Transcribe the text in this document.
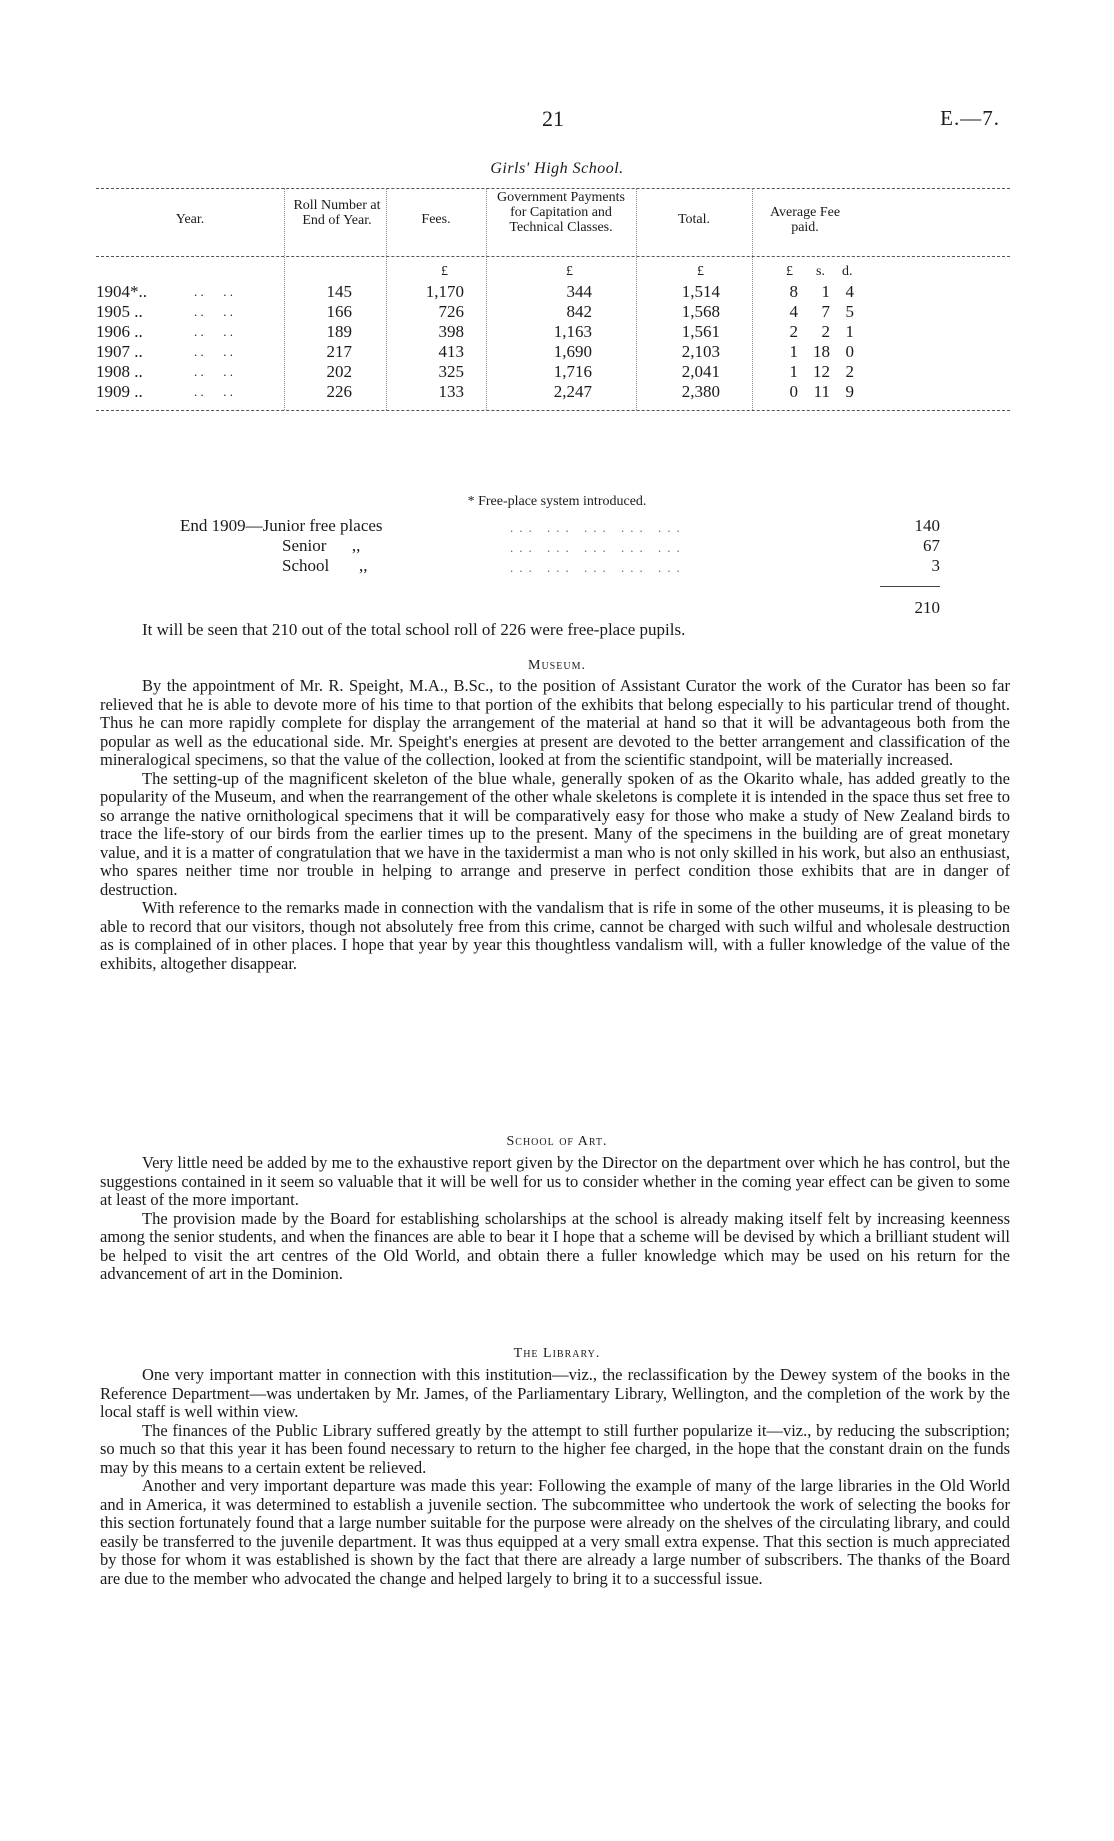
21	E.—7.
Girls' High School.
Year.
Roll Number at End of Year.	Fees.
Government Payments for Capitation and Technical Classes.
Total.	Average Fee paid.
£	£	£	£ s. d.
1904*..	. .      . .	145	1,170	344	1,514	8	1 4
1905 ..	. .      . .	166	726	842	1,568	4	7 5
1906 ..	. .      . .	189	398	1,163	1,561	2	2 1
1907 ..	. .      . .	217	413	1,690	2,103	1 18 0
1908 ..	. .      . .	202	325	1,716	2,041	1 12 2
1909 ..	. .      . .	226	133	2,247	2,380	0 11 9
* Free-place system introduced.
End 1909—Junior free places	... ... ... ... ...	140
Senior      ,,	... ... ... ... ...	67
School       ,,	... ... ... ... ...	3
210
It will be seen that 210 out of the total school roll of 226 were free-place pupils.
Museum.

By the appointment of Mr. R. Speight, M.A., B.Sc., to the position of Assistant Curator the work of the Curator has been so far relieved that he is able to devote more of his time to that portion of the exhibits that belong especially to his particular trend of thought. Thus he can more rapidly complete for display the arrangement of the material at hand so that it will be advantageous both from the popular as well as the educational side. Mr. Speight's energies at present are devoted to the better arrangement and classification of the mineralogical specimens, so that the value of the collection, looked at from the scientific standpoint, will be materially increased.

The setting-up of the magnificent skeleton of the blue whale, generally spoken of as the Okarito whale, has added greatly to the popularity of the Museum, and when the rearrangement of the other whale skeletons is complete it is intended in the space thus set free to so arrange the native ornithological specimens that it will be comparatively easy for those who make a study of New Zealand birds to trace the life-story of our birds from the earlier times up to the present. Many of the specimens in the building are of great monetary value, and it is a matter of congratulation that we have in the taxidermist a man who is not only skilled in his work, but also an enthusiast, who spares neither time nor trouble in helping to arrange and preserve in perfect condition those exhibits that are in danger of destruction.

With reference to the remarks made in connection with the vandalism that is rife in some of the other museums, it is pleasing to be able to record that our visitors, though not absolutely free from this crime, cannot be charged with such wilful and wholesale destruction as is complained of in other places. I hope that year by year this thoughtless vandalism will, with a fuller knowledge of the value of the exhibits, altogether disappear.

School of Art.

Very little need be added by me to the exhaustive report given by the Director on the department over which he has control, but the suggestions contained in it seem so valuable that it will be well for us to consider whether in the coming year effect can be given to some at least of the more important.

The provision made by the Board for establishing scholarships at the school is already making itself felt by increasing keenness among the senior students, and when the finances are able to bear it I hope that a scheme will be devised by which a brilliant student will be helped to visit the art centres of the Old World, and obtain there a fuller knowledge which may be used on his return for the advancement of art in the Dominion.

The Library.

One very important matter in connection with this institution—viz., the reclassification by the Dewey system of the books in the Reference Department—was undertaken by Mr. James, of the Parliamentary Library, Wellington, and the completion of the work by the local staff is well within view.

The finances of the Public Library suffered greatly by the attempt to still further popularize it—viz., by reducing the subscription; so much so that this year it has been found necessary to return to the higher fee charged, in the hope that the constant drain on the funds may by this means to a certain extent be relieved.

Another and very important departure was made this year: Following the example of many of the large libraries in the Old World and in America, it was determined to establish a juvenile section. The subcommittee who undertook the work of selecting the books for this section fortunately found that a large number suitable for the purpose were already on the shelves of the circulating library, and could easily be transferred to the juvenile department. It was thus equipped at a very small extra expense. That this section is much appreciated by those for whom it was established is shown by the fact that there are already a large number of subscribers. The thanks of the Board are due to the member who advocated the change and helped largely to bring it to a successful issue.
